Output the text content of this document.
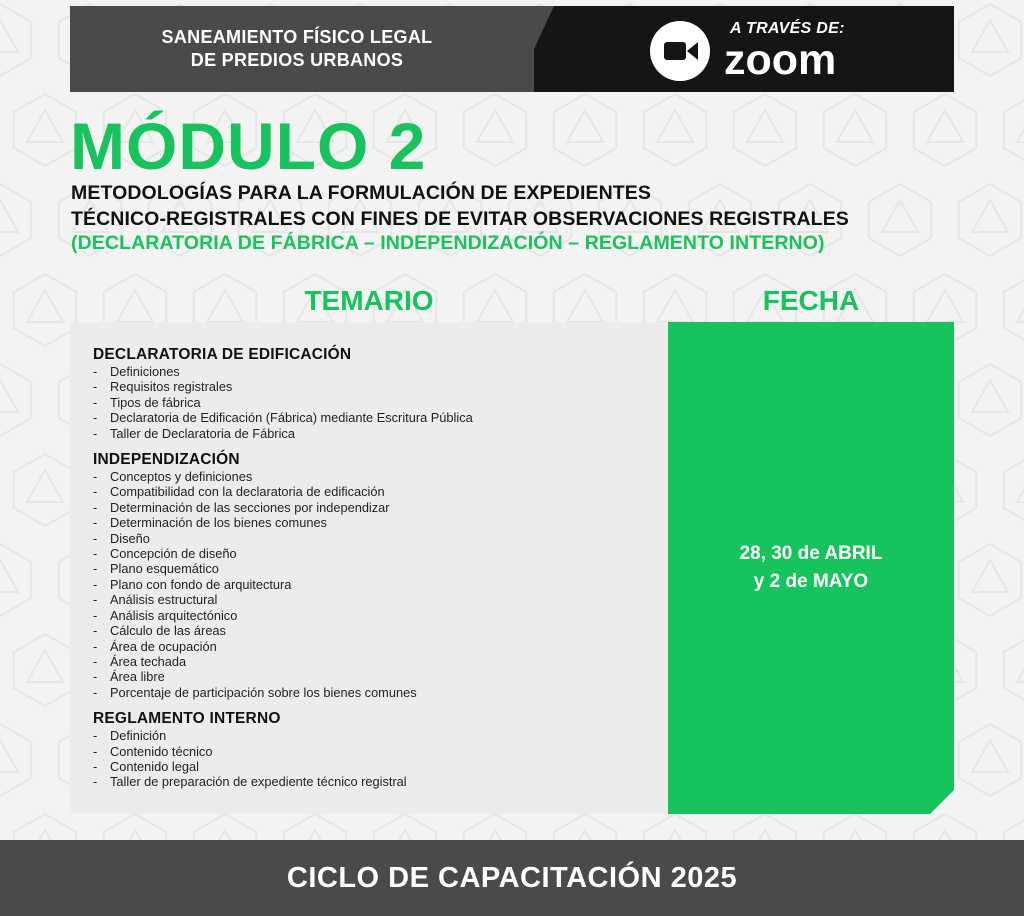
SANEAMIENTO FÍSICO LEGAL
DE PREDIOS URBANOS
A TRAVÉS DE:
zoom
MÓDULO 2
METODOLOGÍAS PARA LA FORMULACIÓN DE EXPEDIENTES
TÉCNICO-REGISTRALES CON FINES DE EVITAR OBSERVACIONES REGISTRALES
(DECLARATORIA DE FÁBRICA – INDEPENDIZACIÓN – REGLAMENTO INTERNO)
TEMARIO	FECHA
DECLARATORIA DE EDIFICACIÓN
- Definiciones
- Requisitos registrales
- Tipos de fábrica
- Declaratoria de Edificación (Fábrica) mediante Escritura Pública
- Taller de Declaratoria de Fábrica
INDEPENDIZACIÓN
- Conceptos y definiciones
- Compatibilidad con la declaratoria de edificación
- Determinación de las secciones por independizar
- Determinación de los bienes comunes
- Diseño
- Concepción de diseño
- Plano esquemático
- Plano con fondo de arquitectura
- Análisis estructural
- Análisis arquitectónico
- Cálculo de las áreas
- Área de ocupación
- Área techada
- Área libre
- Porcentaje de participación sobre los bienes comunes
REGLAMENTO INTERNO
- Definición
- Contenido técnico
- Contenido legal
- Taller de preparación de expediente técnico registral
28, 30 de ABRIL
y 2 de MAYO
CICLO DE CAPACITACIÓN 2025
